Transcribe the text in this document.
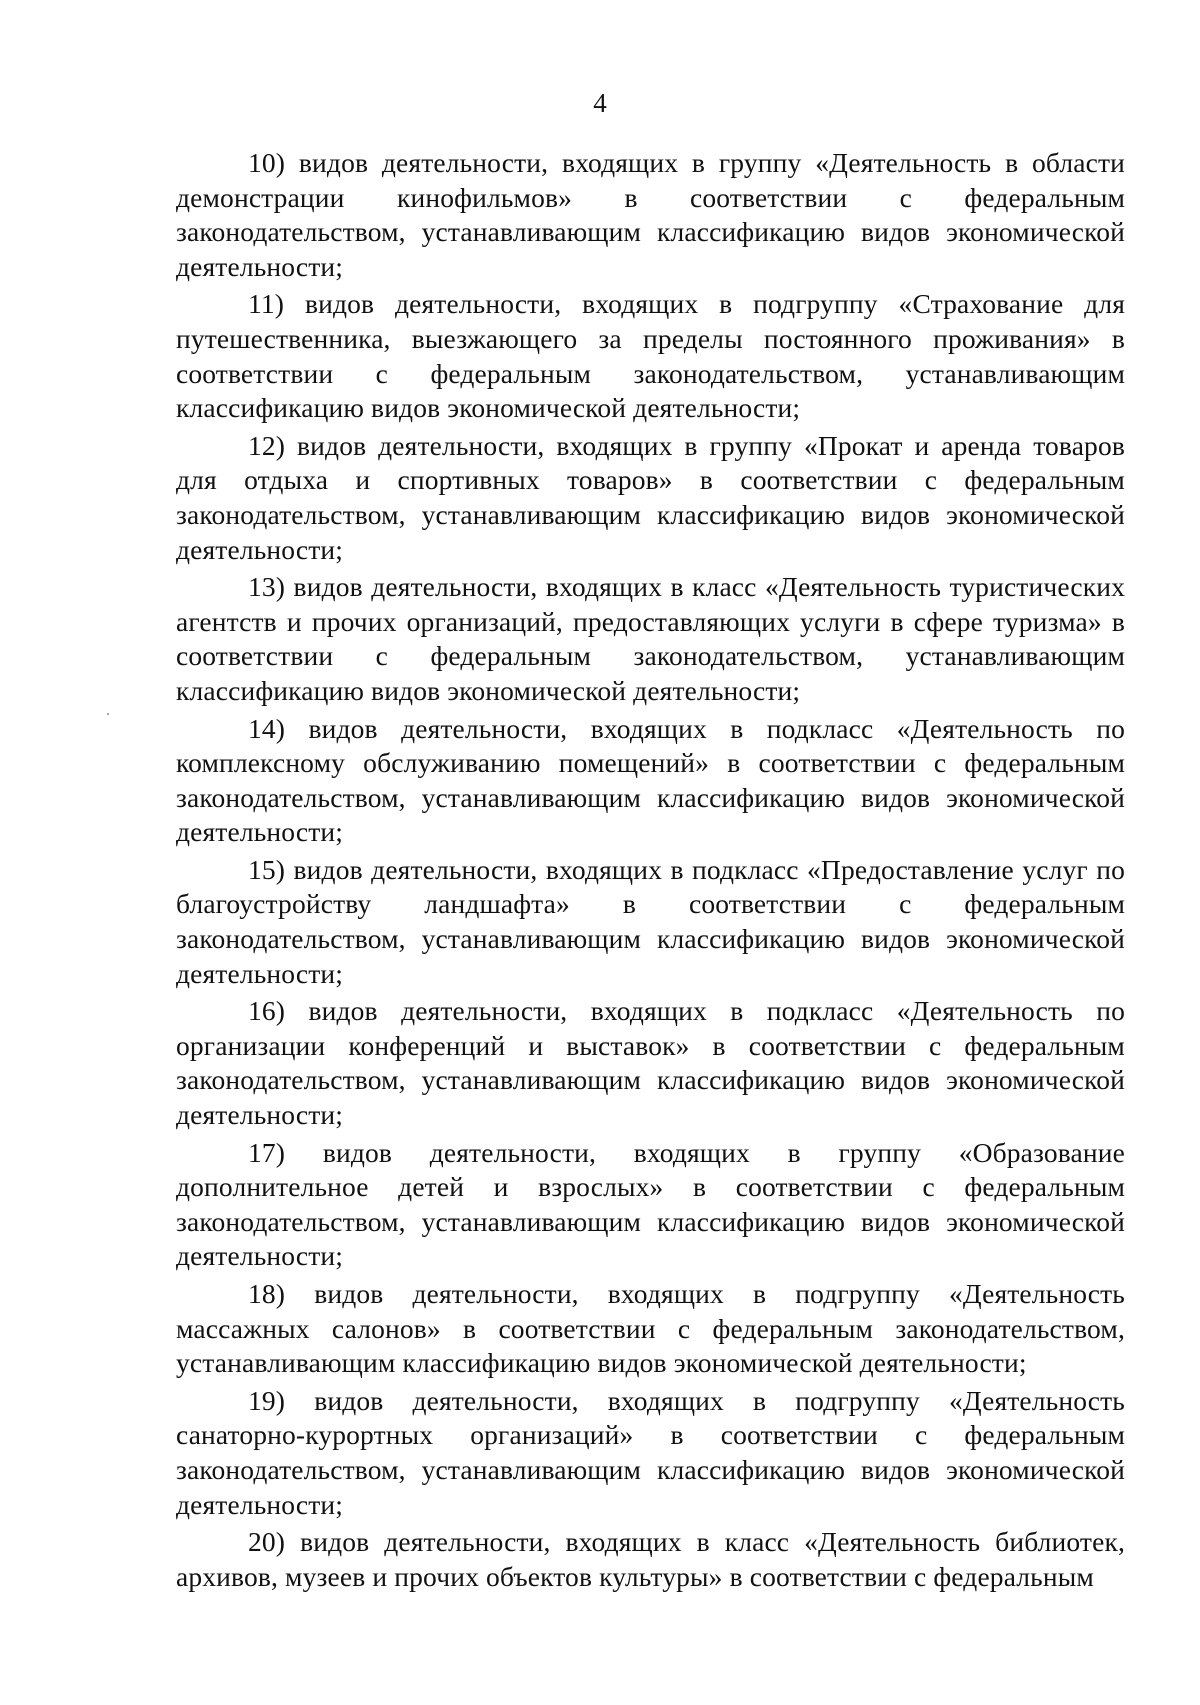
4

10) видов деятельности, входящих в группу «Деятельность в области демонстрации кинофильмов» в соответствии с федеральным законодательством, устанавливающим классификацию видов экономической деятельности;

11) видов деятельности, входящих в подгруппу «Страхование для путешественника, выезжающего за пределы постоянного проживания» в соответствии с федеральным законодательством, устанавливающим классификацию видов экономической деятельности;

12) видов деятельности, входящих в группу «Прокат и аренда товаров для отдыха и спортивных товаров» в соответствии с федеральным законодательством, устанавливающим классификацию видов экономической деятельности;

13) видов деятельности, входящих в класс «Деятельность туристических агентств и прочих организаций, предоставляющих услуги в сфере туризма» в соответствии с федеральным законодательством, устанавливающим классификацию видов экономической деятельности;

14) видов деятельности, входящих в подкласс «Деятельность по комплексному обслуживанию помещений» в соответствии с федеральным законодательством, устанавливающим классификацию видов экономической деятельности;

15) видов деятельности, входящих в подкласс «Предоставление услуг по благоустройству ландшафта» в соответствии с федеральным законодательством, устанавливающим классификацию видов экономической деятельности;

16) видов деятельности, входящих в подкласс «Деятельность по организации конференций и выставок» в соответствии с федеральным законодательством, устанавливающим классификацию видов экономической деятельности;

17) видов деятельности, входящих в группу «Образование дополнительное детей и взрослых» в соответствии с федеральным законодательством, устанавливающим классификацию видов экономической деятельности;

18) видов деятельности, входящих в подгруппу «Деятельность массажных салонов» в соответствии с федеральным законодательством, устанавливающим классификацию видов экономической деятельности;

19) видов деятельности, входящих в подгруппу «Деятельность санаторно-курортных организаций» в соответствии с федеральным законодательством, устанавливающим классификацию видов экономической деятельности;

20) видов деятельности, входящих в класс «Деятельность библиотек, архивов, музеев и прочих объектов культуры» в соответствии с федеральным
